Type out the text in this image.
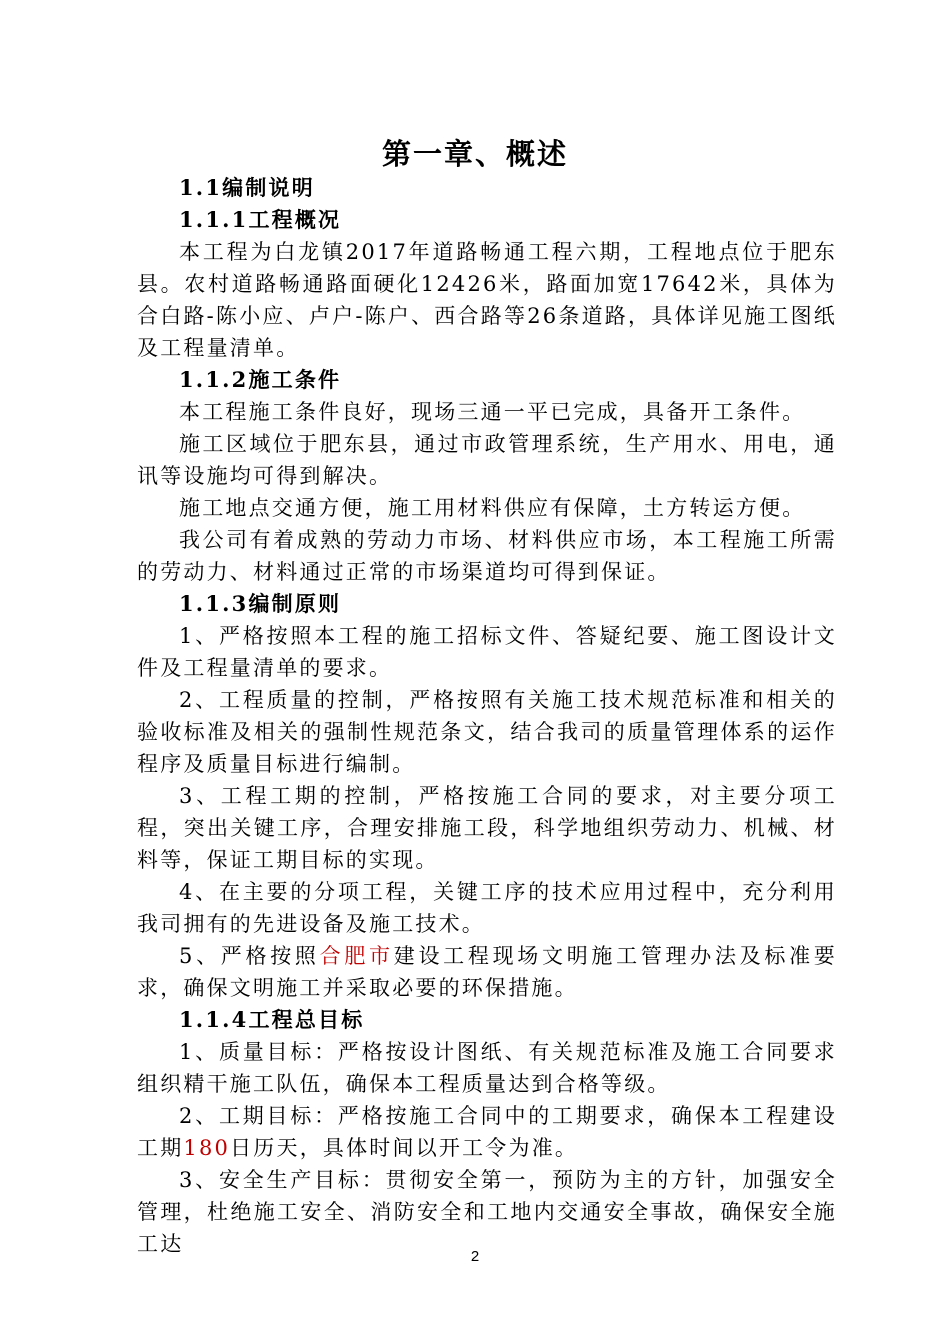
第一章、概述

1.1编制说明

1.1.1工程概况

本工程为白龙镇2017年道路畅通工程六期，工程地点位于肥东县。农村道路畅通路面硬化12426米，路面加宽17642米，具体为合白路-陈小应、卢户-陈户、西合路等26条道路，具体详见施工图纸及工程量清单。

1.1.2施工条件

本工程施工条件良好，现场三通一平已完成，具备开工条件。

施工区域位于肥东县，通过市政管理系统，生产用水、用电，通讯等设施均可得到解决。

施工地点交通方便，施工用材料供应有保障，土方转运方便。

我公司有着成熟的劳动力市场、材料供应市场，本工程施工所需的劳动力、材料通过正常的市场渠道均可得到保证。

1.1.3编制原则

1、严格按照本工程的施工招标文件、答疑纪要、施工图设计文件及工程量清单的要求。

2、工程质量的控制，严格按照有关施工技术规范标准和相关的验收标准及相关的强制性规范条文，结合我司的质量管理体系的运作程序及质量目标进行编制。

3、工程工期的控制，严格按施工合同的要求，对主要分项工程，突出关键工序，合理安排施工段，科学地组织劳动力、机械、材料等，保证工期目标的实现。

4、在主要的分项工程，关键工序的技术应用过程中，充分利用我司拥有的先进设备及施工技术。

5、严格按照合肥市建设工程现场文明施工管理办法及标准要求，确保文明施工并采取必要的环保措施。

1.1.4工程总目标

1、质量目标：严格按设计图纸、有关规范标准及施工合同要求组织精干施工队伍，确保本工程质量达到合格等级。

2、工期目标：严格按施工合同中的工期要求，确保本工程建设工期180日历天，具体时间以开工令为准。

3、安全生产目标：贯彻安全第一，预防为主的方针，加强安全管理，杜绝施工安全、消防安全和工地内交通安全事故，确保安全施工达

2
